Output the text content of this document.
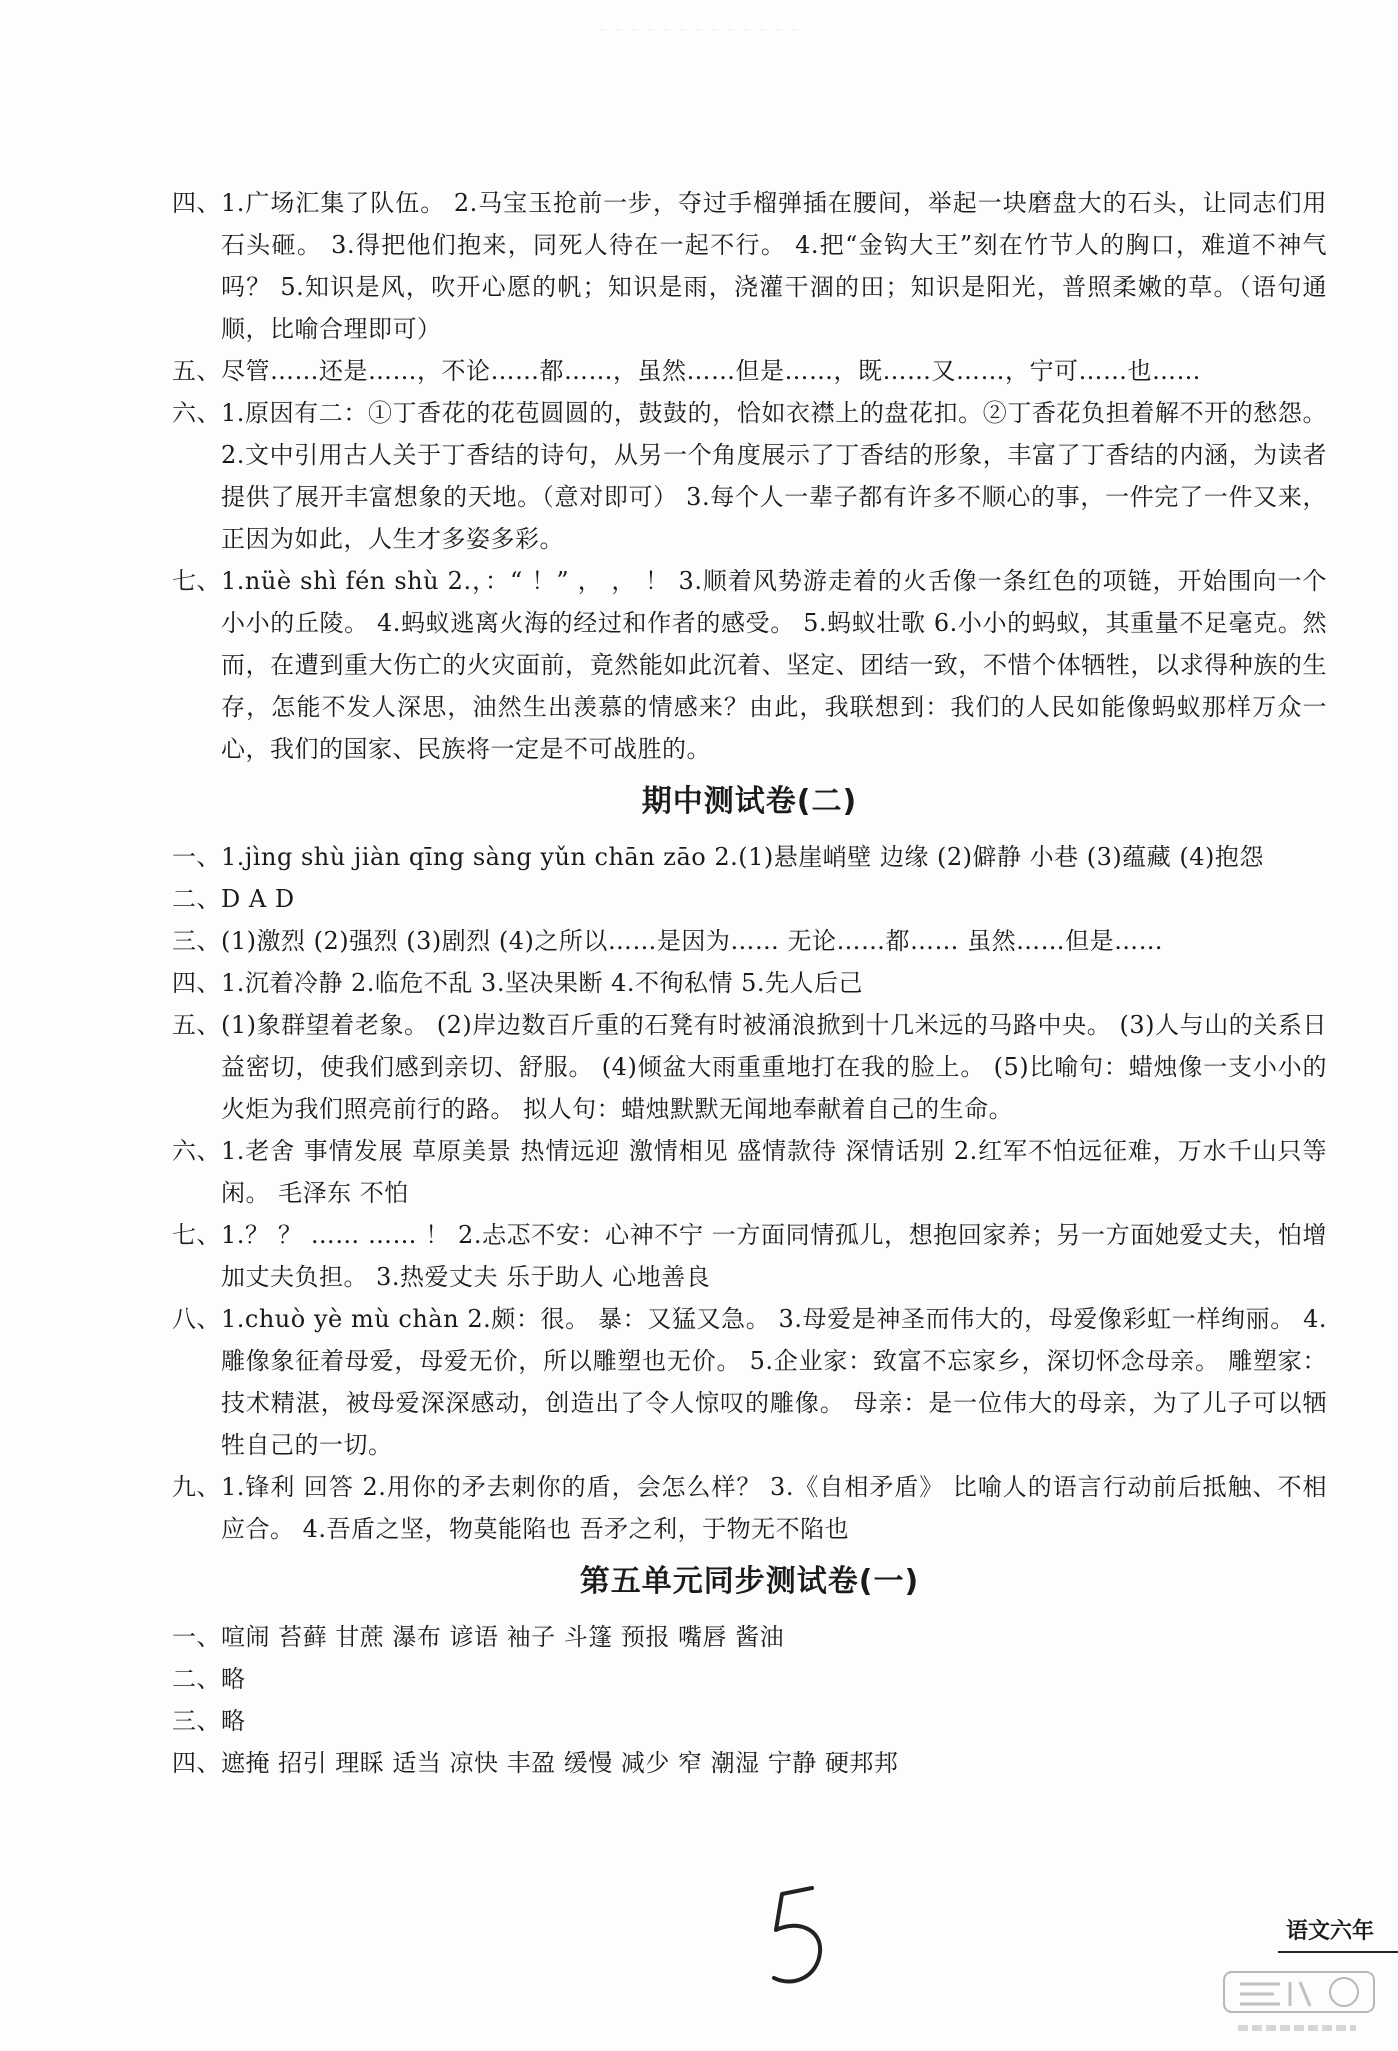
四、 1.广场汇集了队伍。 2.马宝玉抢前一步，夺过手榴弹插在腰间，举起一块磨盘大的石头，让同志们用石头砸。 3.得把他们抱来，同死人待在一起不行。 4.把“金钩大王”刻在竹节人的胸口，难道不神气吗？ 5.知识是风，吹开心愿的帆；知识是雨，浇灌干涸的田；知识是阳光，普照柔嫩的草。（语句通顺，比喻合理即可）
五、 尽管……还是……，不论……都……，虽然……但是……，既……又……，宁可……也……
六、 1.原因有二：①丁香花的花苞圆圆的，鼓鼓的，恰如衣襟上的盘花扣。②丁香花负担着解不开的愁怨。 2.文中引用古人关于丁香结的诗句，从另一个角度展示了丁香结的形象，丰富了丁香结的内涵，为读者提供了展开丰富想象的天地。（意对即可） 3.每个人一辈子都有许多不顺心的事，一件完了一件又来，正因为如此，人生才多姿多彩。
七、 1.nüè shì fén shù 2.，：“ ！” ， ， ！ 3.顺着风势游走着的火舌像一条红色的项链，开始围向一个小小的丘陵。 4.蚂蚁逃离火海的经过和作者的感受。 5.蚂蚁壮歌 6.小小的蚂蚁，其重量不足毫克。然而，在遭到重大伤亡的火灾面前，竟然能如此沉着、坚定、团结一致，不惜个体牺牲，以求得种族的生存，怎能不发人深思，油然生出羡慕的情感来？由此，我联想到：我们的人民如能像蚂蚁那样万众一心，我们的国家、民族将一定是不可战胜的。
期中测试卷(二)
一、 1.jìng shù jiàn qīng sàng yǔn chān zāo 2.(1)悬崖峭壁 边缘 (2)僻静 小巷 (3)蕴藏 (4)抱怨
二、 D A D
三、 (1)激烈 (2)强烈 (3)剧烈 (4)之所以……是因为…… 无论……都…… 虽然……但是……
四、 1.沉着冷静 2.临危不乱 3.坚决果断 4.不徇私情 5.先人后己
五、 (1)象群望着老象。 (2)岸边数百斤重的石凳有时被涌浪掀到十几米远的马路中央。 (3)人与山的关系日益密切，使我们感到亲切、舒服。 (4)倾盆大雨重重地打在我的脸上。 (5)比喻句：蜡烛像一支小小的火炬为我们照亮前行的路。 拟人句：蜡烛默默无闻地奉献着自己的生命。
六、 1.老舍 事情发展 草原美景 热情远迎 激情相见 盛情款待 深情话别 2.红军不怕远征难，万水千山只等闲。 毛泽东 不怕
七、 1.？ ？ …… …… ！ 2.忐忑不安：心神不宁 一方面同情孤儿，想抱回家养；另一方面她爱丈夫，怕增加丈夫负担。 3.热爱丈夫 乐于助人 心地善良
八、 1.chuò yè mù chàn 2.颇：很。 暴：又猛又急。 3.母爱是神圣而伟大的，母爱像彩虹一样绚丽。 4.雕像象征着母爱，母爱无价，所以雕塑也无价。 5.企业家：致富不忘家乡，深切怀念母亲。 雕塑家：技术精湛，被母爱深深感动，创造出了令人惊叹的雕像。 母亲：是一位伟大的母亲，为了儿子可以牺牲自己的一切。
九、 1.锋利 回答 2.用你的矛去刺你的盾，会怎么样？ 3.《自相矛盾》 比喻人的语言行动前后抵触、不相应合。 4.吾盾之坚，物莫能陷也 吾矛之利，于物无不陷也
第五单元同步测试卷(一)
一、 喧闹 苔藓 甘蔗 瀑布 谚语 袖子 斗篷 预报 嘴唇 酱油
二、 略
三、 略
四、 遮掩 招引 理睬 适当 凉快 丰盈 缓慢 减少 窄 潮湿 宁静 硬邦邦
语文六年
